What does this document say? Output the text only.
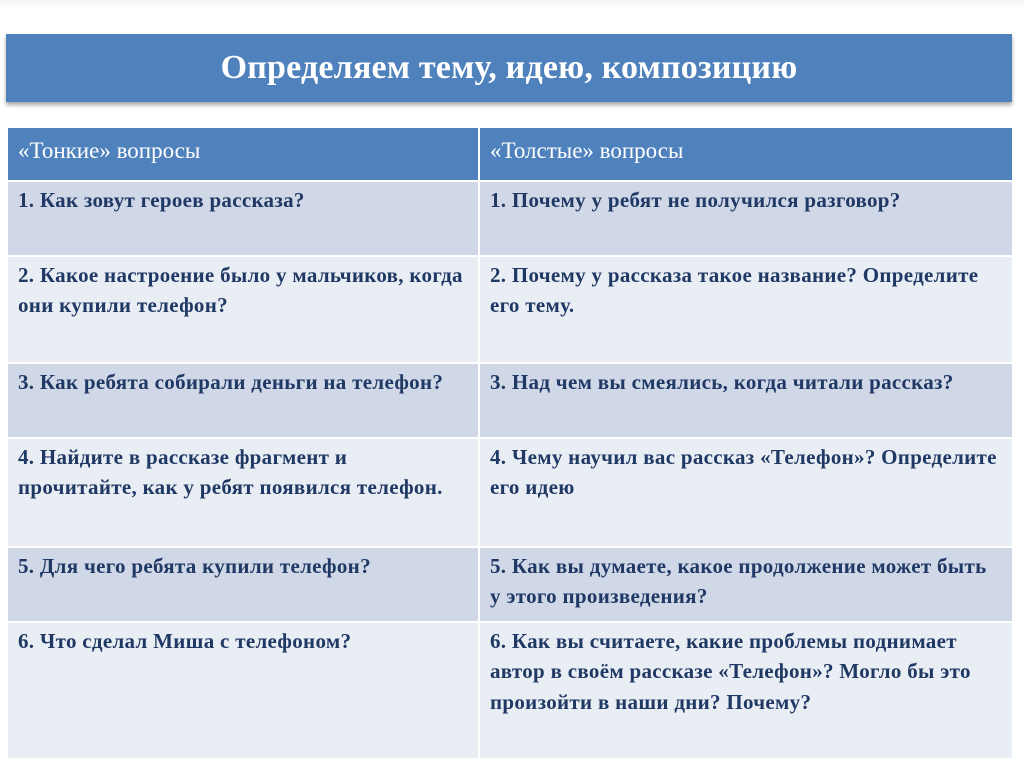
Определяем тему, идею, композицию
«Тонкие» вопросы	«Толстые» вопросы
1. Как зовут героев рассказа?	1. Почему у ребят не получился разговор?
2. Какое настроение было у мальчиков, когда они купили телефон?	2. Почему у рассказа такое название? Определите его тему.
3. Как ребята собирали деньги на телефон?	3. Над чем вы смеялись, когда читали рассказ?
4. Найдите в рассказе фрагмент и прочитайте, как у ребят появился телефон.	4. Чему научил вас рассказ «Телефон»? Определите его идею
5. Для чего ребята купили телефон?	5. Как вы думаете, какое продолжение может быть у этого произведения?
6. Что сделал Миша с телефоном?	6. Как вы считаете, какие проблемы поднимает автор в своём рассказе «Телефон»? Могло бы это произойти в наши дни? Почему?
